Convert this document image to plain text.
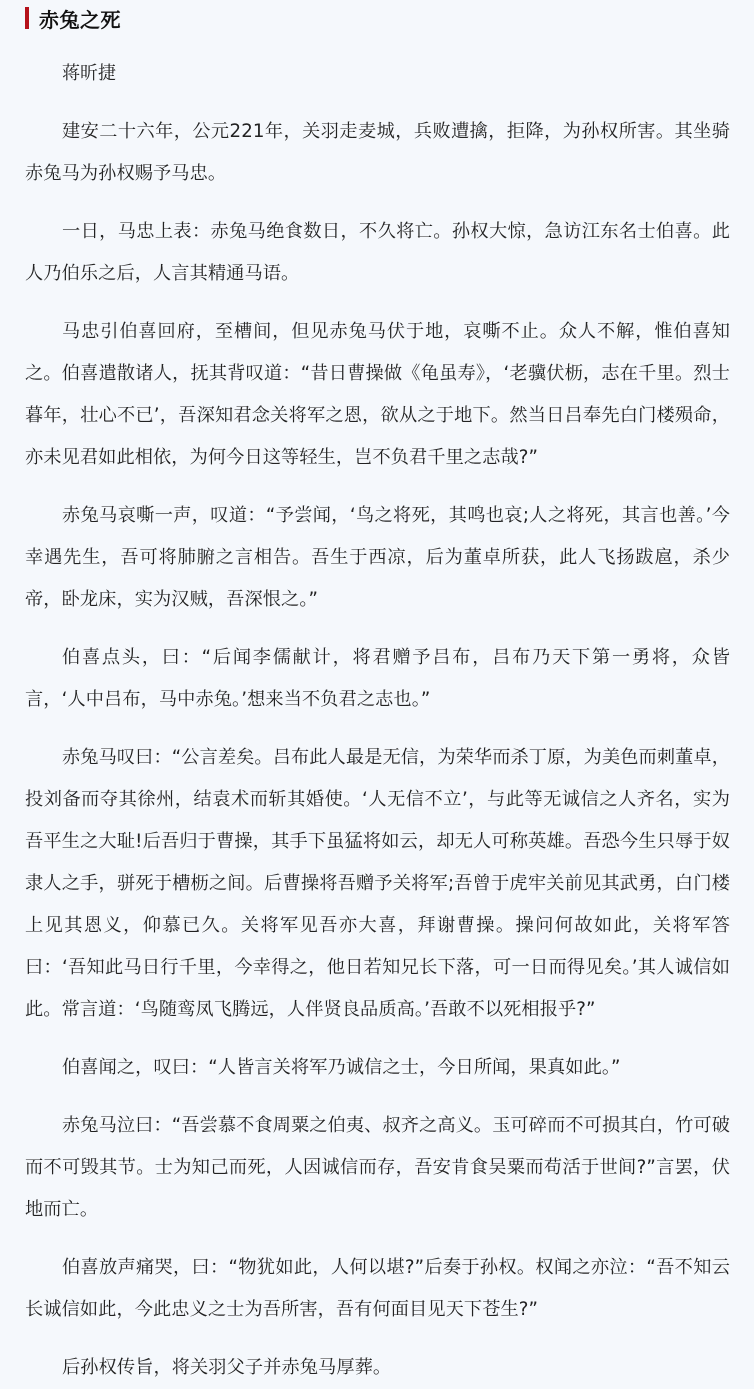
赤兔之死
蒋昕捷

建安二十六年，公元221年，关羽走麦城，兵败遭擒，拒降，为孙权所害。其坐骑赤兔马为孙权赐予马忠。

一日，马忠上表：赤兔马绝食数日，不久将亡。孙权大惊，急访江东名士伯喜。此人乃伯乐之后，人言其精通马语。

马忠引伯喜回府，至槽间，但见赤兔马伏于地，哀嘶不止。众人不解，惟伯喜知之。伯喜遣散诸人，抚其背叹道：“昔日曹操做《龟虽寿》，‘老骥伏枥，志在千里。烈士暮年，壮心不已’，吾深知君念关将军之恩，欲从之于地下。然当日吕奉先白门楼殒命，亦未见君如此相依，为何今日这等轻生，岂不负君千里之志哉?”

赤兔马哀嘶一声，叹道：“予尝闻，‘鸟之将死，其鸣也哀;人之将死，其言也善。’今幸遇先生，吾可将肺腑之言相告。吾生于西凉，后为董卓所获，此人飞扬跋扈，杀少帝，卧龙床，实为汉贼，吾深恨之。”

伯喜点头，曰：“后闻李儒献计，将君赠予吕布，吕布乃天下第一勇将，众皆言，‘人中吕布，马中赤兔。’想来当不负君之志也。”

赤兔马叹曰：“公言差矣。吕布此人最是无信，为荣华而杀丁原，为美色而刺董卓，投刘备而夺其徐州，结袁术而斩其婚使。‘人无信不立’，与此等无诚信之人齐名，实为吾平生之大耻!后吾归于曹操，其手下虽猛将如云，却无人可称英雄。吾恐今生只辱于奴隶人之手，骈死于槽枥之间。后曹操将吾赠予关将军;吾曾于虎牢关前见其武勇，白门楼上见其恩义，仰慕已久。关将军见吾亦大喜，拜谢曹操。操问何故如此，关将军答曰：‘吾知此马日行千里，今幸得之，他日若知兄长下落，可一日而得见矣。’其人诚信如此。常言道：‘鸟随鸾凤飞腾远，人伴贤良品质高。’吾敢不以死相报乎?”

伯喜闻之，叹曰：“人皆言关将军乃诚信之士，今日所闻，果真如此。”

赤兔马泣曰：“吾尝慕不食周粟之伯夷、叔齐之高义。玉可碎而不可损其白，竹可破而不可毁其节。士为知己而死，人因诚信而存，吾安肯食吴粟而苟活于世间?”言罢，伏地而亡。

伯喜放声痛哭，曰：“物犹如此，人何以堪?”后奏于孙权。权闻之亦泣：“吾不知云长诚信如此，今此忠义之士为吾所害，吾有何面目见天下苍生?”

后孙权传旨，将关羽父子并赤兔马厚葬。
